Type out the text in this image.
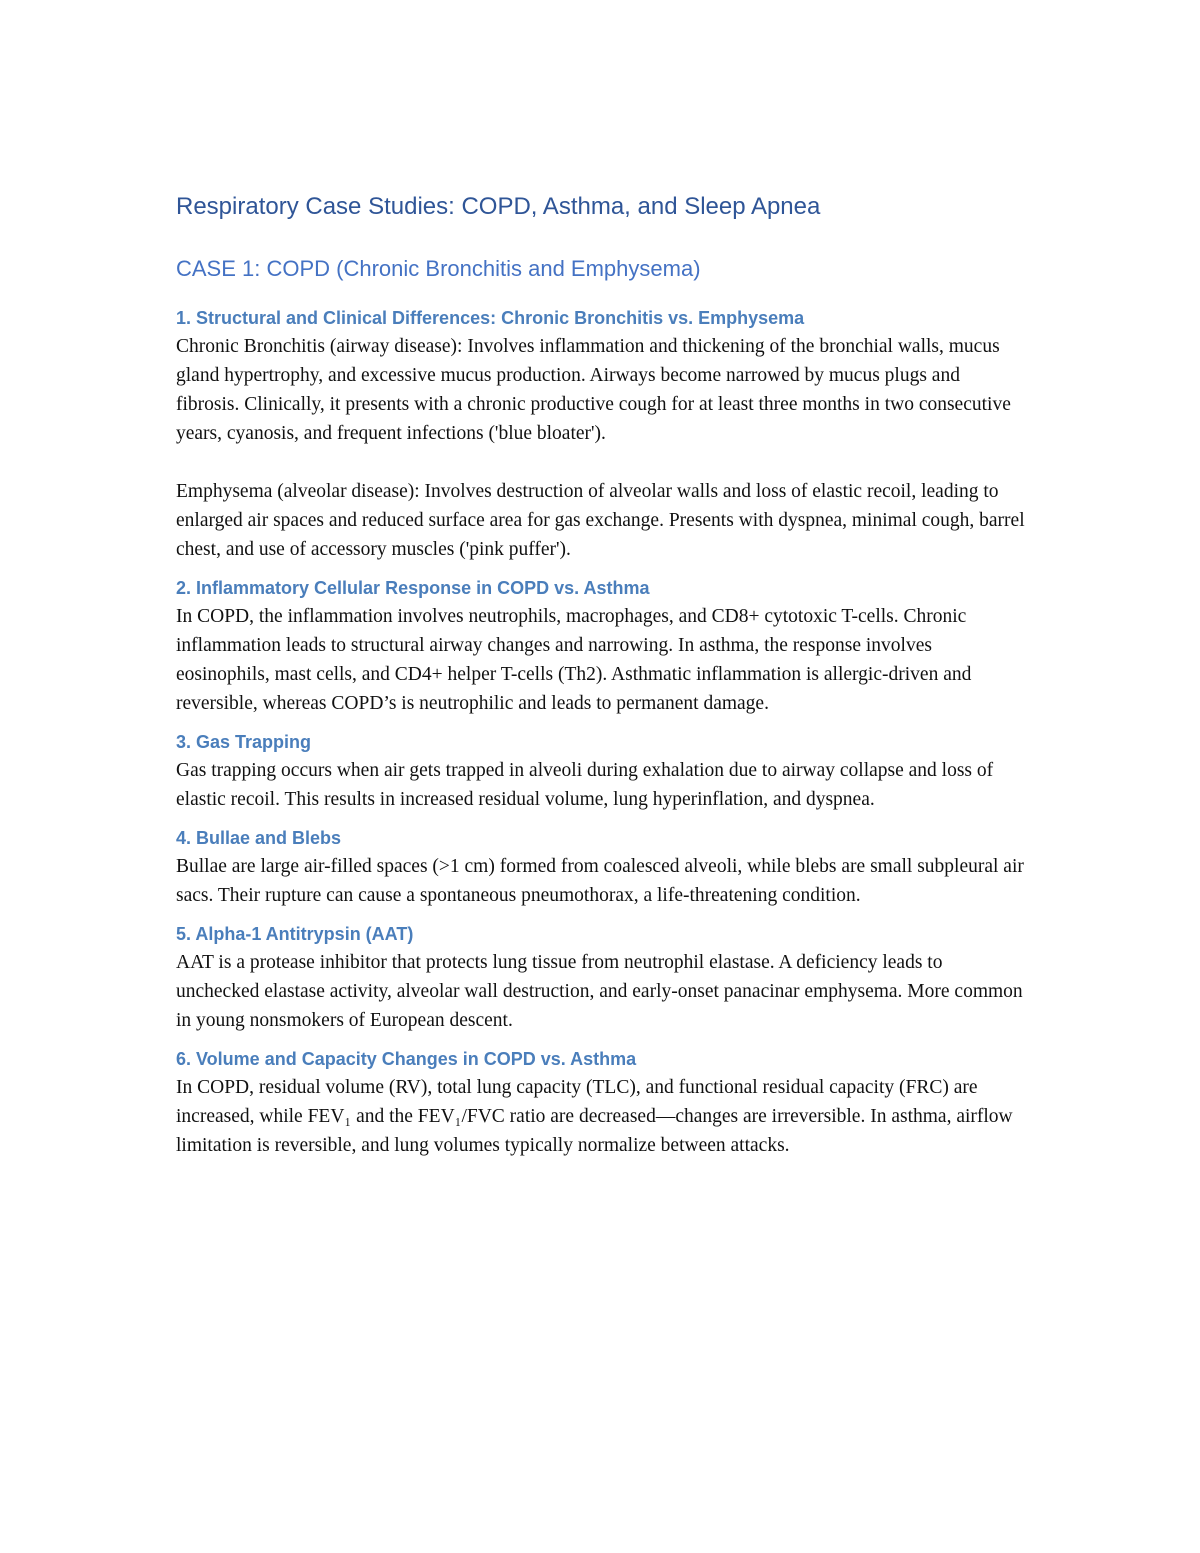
Respiratory Case Studies: COPD, Asthma, and Sleep Apnea
CASE 1: COPD (Chronic Bronchitis and Emphysema)
1. Structural and Clinical Differences: Chronic Bronchitis vs. Emphysema

Chronic Bronchitis (airway disease): Involves inflammation and thickening of the bronchial walls, mucus gland hypertrophy, and excessive mucus production. Airways become narrowed by mucus plugs and fibrosis. Clinically, it presents with a chronic productive cough for at least three months in two consecutive years, cyanosis, and frequent infections ('blue bloater').

Emphysema (alveolar disease): Involves destruction of alveolar walls and loss of elastic recoil, leading to enlarged air spaces and reduced surface area for gas exchange. Presents with dyspnea, minimal cough, barrel chest, and use of accessory muscles ('pink puffer').

2. Inflammatory Cellular Response in COPD vs. Asthma

In COPD, the inflammation involves neutrophils, macrophages, and CD8+ cytotoxic T-cells. Chronic inflammation leads to structural airway changes and narrowing. In asthma, the response involves eosinophils, mast cells, and CD4+ helper T-cells (Th2). Asthmatic inflammation is allergic-driven and reversible, whereas COPD’s is neutrophilic and leads to permanent damage.

3. Gas Trapping

Gas trapping occurs when air gets trapped in alveoli during exhalation due to airway collapse and loss of elastic recoil. This results in increased residual volume, lung hyperinflation, and dyspnea.

4. Bullae and Blebs

Bullae are large air-filled spaces (>1 cm) formed from coalesced alveoli, while blebs are small subpleural air sacs. Their rupture can cause a spontaneous pneumothorax, a life-threatening condition.

5. Alpha-1 Antitrypsin (AAT)

AAT is a protease inhibitor that protects lung tissue from neutrophil elastase. A deficiency leads to unchecked elastase activity, alveolar wall destruction, and early-onset panacinar emphysema. More common in young nonsmokers of European descent.

6. Volume and Capacity Changes in COPD vs. Asthma

In COPD, residual volume (RV), total lung capacity (TLC), and functional residual capacity (FRC) are increased, while FEV₁ and the FEV₁/FVC ratio are decreased—changes are irreversible. In asthma, airflow limitation is reversible, and lung volumes typically normalize between attacks.
